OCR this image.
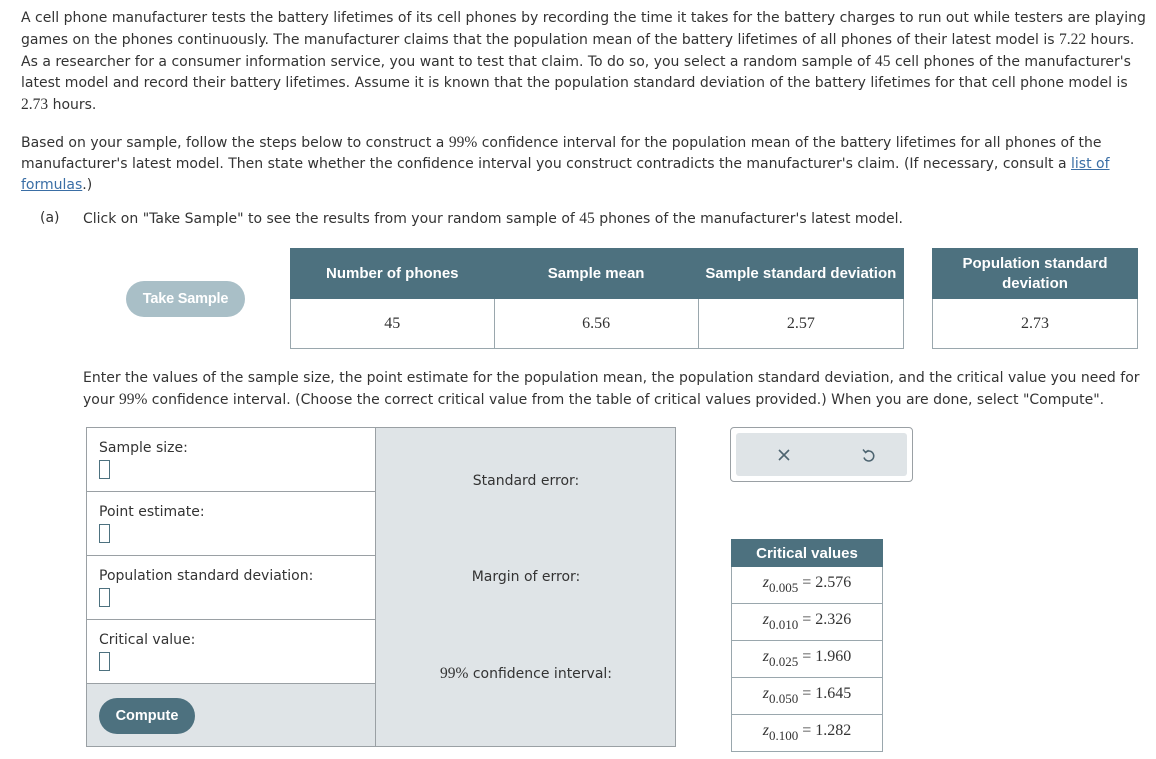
A cell phone manufacturer tests the battery lifetimes of its cell phones by recording the time it takes for the battery charges to run out while testers are playing games on the phones continuously. The manufacturer claims that the population mean of the battery lifetimes of all phones of their latest model is 7.22 hours. As a researcher for a consumer information service, you want to test that claim. To do so, you select a random sample of 45 cell phones of the manufacturer's latest model and record their battery lifetimes. Assume it is known that the population standard deviation of the battery lifetimes for that cell phone model is 2.73 hours.

Based on your sample, follow the steps below to construct a 99% confidence interval for the population mean of the battery lifetimes for all phones of the manufacturer's latest model. Then state whether the confidence interval you construct contradicts the manufacturer's claim. (If necessary, consult a list of formulas.)

(a) Click on "Take Sample" to see the results from your random sample of 45 phones of the manufacturer's latest model.
Take Sample
Number of phones	Sample mean	Sample standard deviation
45	6.56	2.57
Population standard deviation
2.73

Enter the values of the sample size, the point estimate for the population mean, the population standard deviation, and the critical value you need for your 99% confidence interval. (Choose the correct critical value from the table of critical values provided.) When you are done, select "Compute".

Sample size:
Point estimate:
Population standard deviation:
Critical value:
Compute
Standard error:
Margin of error:
99% confidence interval:
Critical values
$z_{0.005} = 2.576$
$z_{0.010} = 2.326$
$z_{0.025} = 1.960$
$z_{0.050} = 1.645$
$z_{0.100} = 1.282$
